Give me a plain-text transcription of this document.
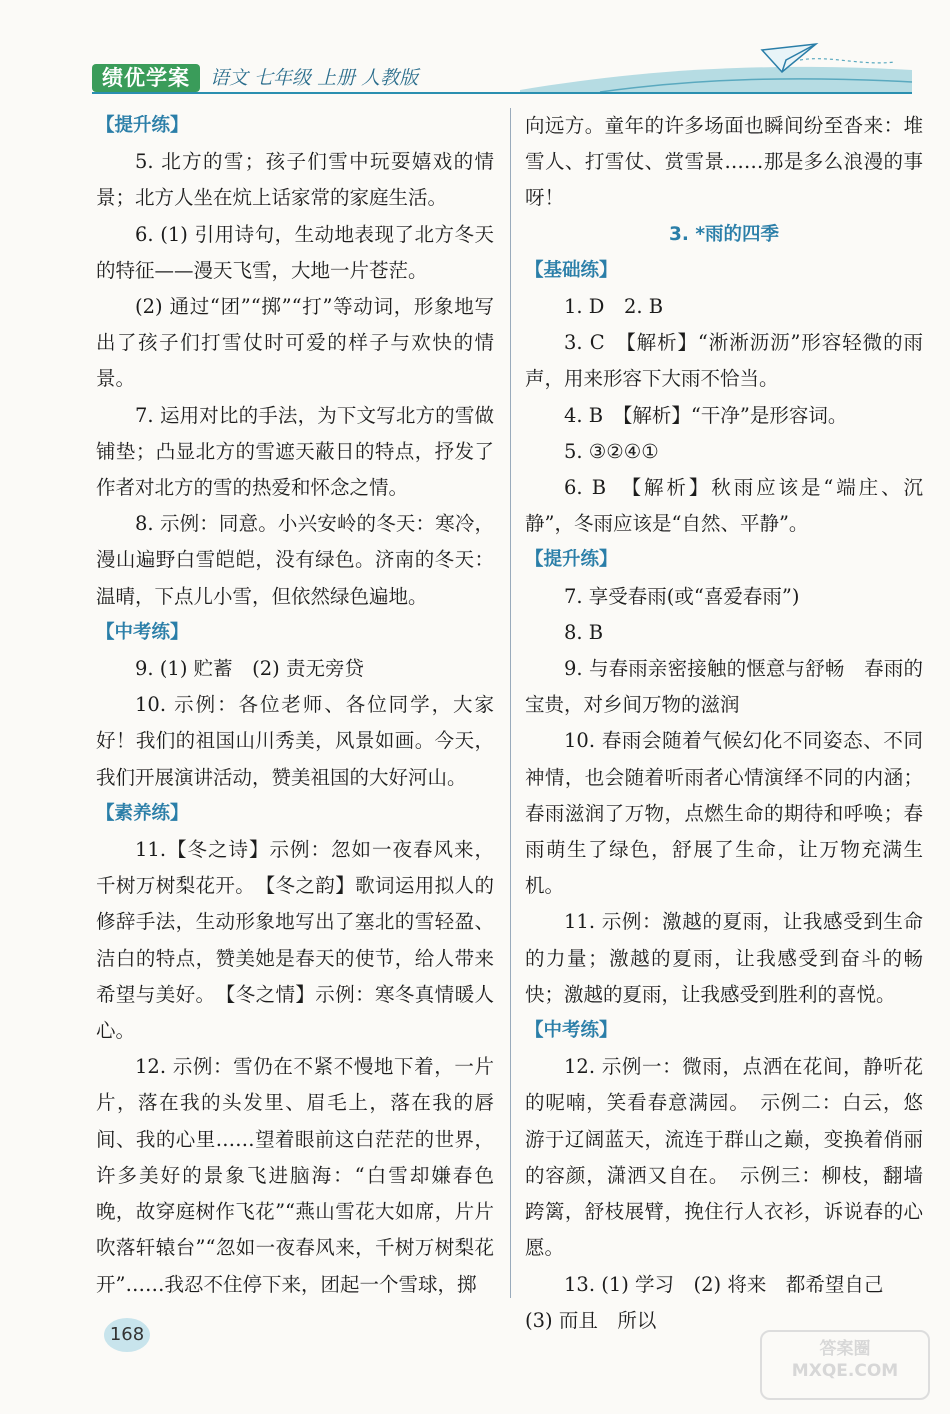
绩优学案	语文 七年级 上册 人教版
【提升练】
5. 北方的雪；孩子们雪中玩耍嬉戏的情景；北方人坐在炕上话家常的家庭生活。
6. (1) 引用诗句，生动地表现了北方冬天的特征——漫天飞雪，大地一片苍茫。
(2) 通过“团”“掷”“打”等动词，形象地写出了孩子们打雪仗时可爱的样子与欢快的情景。
7. 运用对比的手法，为下文写北方的雪做铺垫；凸显北方的雪遮天蔽日的特点，抒发了作者对北方的雪的热爱和怀念之情。
8. 示例：同意。小兴安岭的冬天：寒冷，漫山遍野白雪皑皑，没有绿色。济南的冬天：温晴，下点儿小雪，但依然绿色遍地。
【中考练】
9. (1) 贮蓄　(2) 责无旁贷
10. 示例：各位老师、各位同学，大家好！我们的祖国山川秀美，风景如画。今天，我们开展演讲活动，赞美祖国的大好河山。
【素养练】
11.【冬之诗】示例：忽如一夜春风来，千树万树梨花开。　【冬之韵】歌词运用拟人的修辞手法，生动形象地写出了塞北的雪轻盈、洁白的特点，赞美她是春天的使节，给人带来希望与美好。　【冬之情】示例：寒冬真情暖人心。
12. 示例：雪仍在不紧不慢地下着，一片片，落在我的头发里、眉毛上，落在我的唇间、我的心里……望着眼前这白茫茫的世界，许多美好的景象飞进脑海：“白雪却嫌春色晚，故穿庭树作飞花”“燕山雪花大如席，片片吹落轩辕台”“忽如一夜春风来，千树万树梨花开”……我忍不住停下来，团起一个雪球，掷
向远方。童年的许多场面也瞬间纷至沓来：堆雪人、打雪仗、赏雪景……那是多么浪漫的事呀！
3. *雨的四季
【基础练】
1. D　2. B
3. C　【解析】“淅淅沥沥”形容轻微的雨声，用来形容下大雨不恰当。
4. B　【解析】“干净”是形容词。
5. ③②④①
6. B　【解析】秋雨应该是“端庄、沉静”，冬雨应该是“自然、平静”。
【提升练】
7. 享受春雨(或“喜爱春雨”)
8. B
9. 与春雨亲密接触的惬意与舒畅　春雨的宝贵，对乡间万物的滋润
10. 春雨会随着气候幻化不同姿态、不同神情，也会随着听雨者心情演绎不同的内涵；春雨滋润了万物，点燃生命的期待和呼唤；春雨萌生了绿色，舒展了生命，让万物充满生机。
11. 示例：激越的夏雨，让我感受到生命的力量；激越的夏雨，让我感受到奋斗的畅快；激越的夏雨，让我感受到胜利的喜悦。
【中考练】
12. 示例一：微雨，点洒在花间，静听花的呢喃，笑看春意满园。　示例二：白云，悠游于辽阔蓝天，流连于群山之巅，变换着俏丽的容颜，潇洒又自在。　示例三：柳枝，翻墙跨篱，舒枝展臂，挽住行人衣衫，诉说春的心愿。
13. (1) 学习　(2) 将来　都希望自己
(3) 而且　所以
168
答案圈
MXQE.COM
